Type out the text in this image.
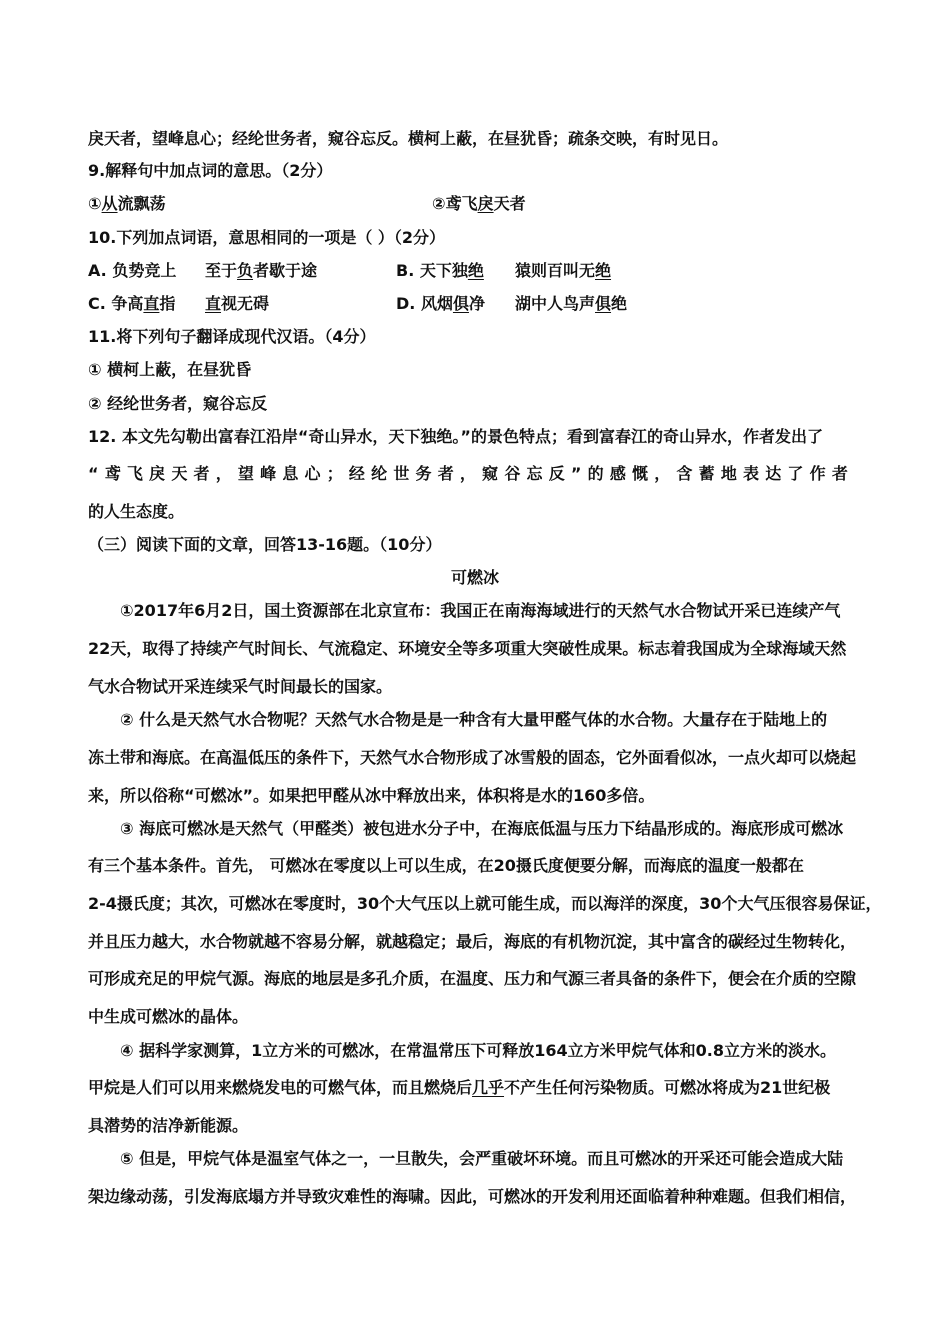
戾天者，望峰息心；经纶世务者，窥谷忘反。横柯上蔽，在昼犹昏；疏条交映，有时见日。
9.解释句中加点词的意思。（2分）
①从流飘荡	②鸢飞戾天者
10.下列加点词语，意思相同的一项是（ ）（2分）
A. 负势竞上 至于负者歇于途	B. 天下独绝 猿则百叫无绝
C. 争高直指 直视无碍	D. 风烟俱净 湖中人鸟声俱绝
11.将下列句子翻译成现代汉语。（4分）
① 横柯上蔽，在昼犹昏
② 经纶世务者，窥谷忘反
12. 本文先勾勒出富春江沿岸“奇山异水，天下独绝。”的景色特点；看到富春江的奇山异水，作者发出了
“鸢飞戾天者，望峰息心；经纶世务者，窥谷忘反”的感慨，含蓄地表达了作者
的人生态度。
（三）阅读下面的文章，回答13-16题。（10分）
可燃冰
①2017年6月2日，国土资源部在北京宣布：我国正在南海海域进行的天然气水合物试开采已连续产气
22天，取得了持续产气时间长、气流稳定、环境安全等多项重大突破性成果。标志着我国成为全球海域天然
气水合物试开采连续采气时间最长的国家。
② 什么是天然气水合物呢？天然气水合物是是一种含有大量甲醛气体的水合物。大量存在于陆地上的
冻土带和海底。在高温低压的条件下，天然气水合物形成了冰雪般的固态，它外面看似冰，一点火却可以烧起
来，所以俗称“可燃冰”。如果把甲醛从冰中释放出来，体积将是水的160多倍。
③ 海底可燃冰是天然气（甲醛类）被包进水分子中，在海底低温与压力下结晶形成的。海底形成可燃冰
有三个基本条件。首先， 可燃冰在零度以上可以生成，在20摄氏度便要分解，而海底的温度一般都在
2-4摄氏度；其次，可燃冰在零度时，30个大气压以上就可能生成，而以海洋的深度，30个大气压很容易保证，
并且压力越大，水合物就越不容易分解，就越稳定；最后，海底的有机物沉淀，其中富含的碳经过生物转化，
可形成充足的甲烷气源。海底的地层是多孔介质，在温度、压力和气源三者具备的条件下，便会在介质的空隙
中生成可燃冰的晶体。
④ 据科学家测算，1立方米的可燃冰，在常温常压下可释放164立方米甲烷气体和0.8立方米的淡水。
甲烷是人们可以用来燃烧发电的可燃气体，而且燃烧后几乎不产生任何污染物质。可燃冰将成为21世纪极
具潜势的洁净新能源。
⑤ 但是，甲烷气体是温室气体之一，一旦散失，会严重破坏环境。而且可燃冰的开采还可能会造成大陆
架边缘动荡，引发海底塌方并导致灾难性的海啸。因此，可燃冰的开发利用还面临着种种难题。但我们相信，
